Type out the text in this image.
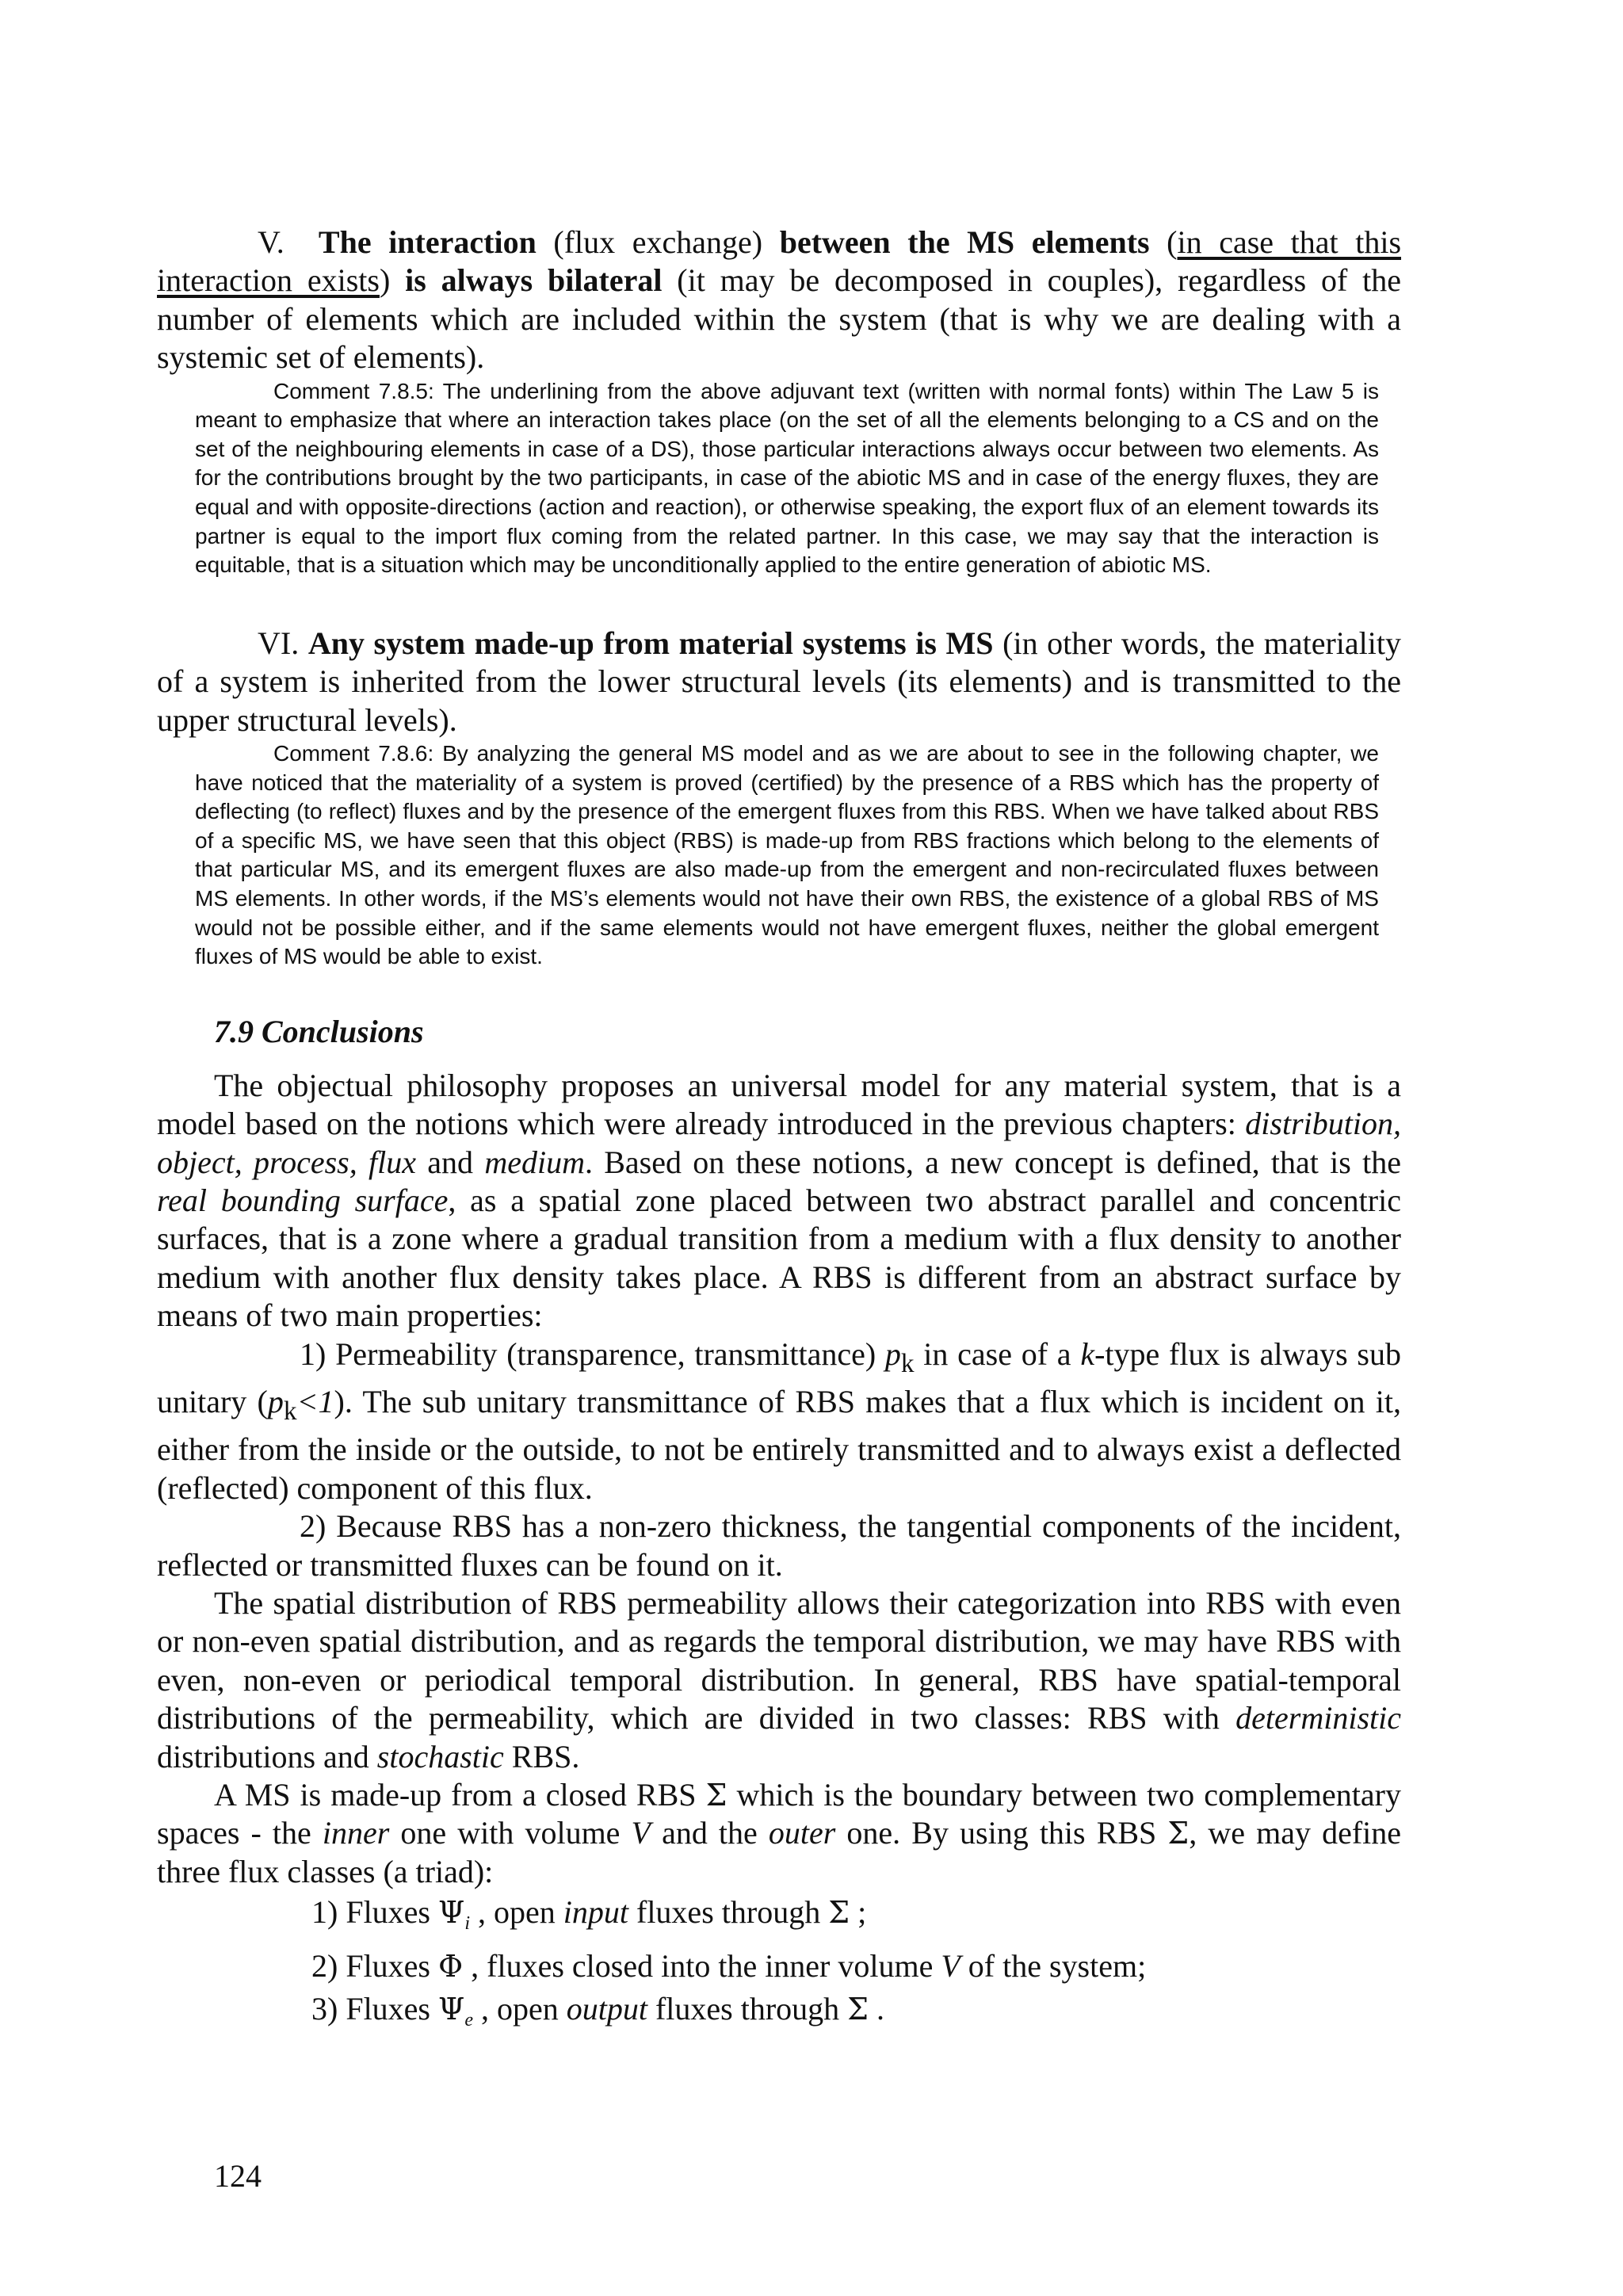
V. The interaction (flux exchange) between the MS elements (in case that this interaction exists) is always bilateral (it may be decomposed in couples), regardless of the number of elements which are included within the system (that is why we are dealing with a systemic set of elements).

Comment 7.8.5: The underlining from the above adjuvant text (written with normal fonts) within The Law 5 is meant to emphasize that where an interaction takes place (on the set of all the elements belonging to a CS and on the set of the neighbouring elements in case of a DS), those particular interactions always occur between two elements. As for the contributions brought by the two participants, in case of the abiotic MS and in case of the energy fluxes, they are equal and with opposite-directions (action and reaction), or otherwise speaking, the export flux of an element towards its partner is equal to the import flux coming from the related partner. In this case, we may say that the interaction is equitable, that is a situation which may be unconditionally applied to the entire generation of abiotic MS.

VI. Any system made-up from material systems is MS (in other words, the materiality of a system is inherited from the lower structural levels (its elements) and is transmitted to the upper structural levels).

Comment 7.8.6: By analyzing the general MS model and as we are about to see in the following chapter, we have noticed that the materiality of a system is proved (certified) by the presence of a RBS which has the property of deflecting (to reflect) fluxes and by the presence of the emergent fluxes from this RBS. When we have talked about RBS of a specific MS, we have seen that this object (RBS) is made-up from RBS fractions which belong to the elements of that particular MS, and its emergent fluxes are also made-up from the emergent and non-recirculated fluxes between MS elements. In other words, if the MS’s elements would not have their own RBS, the existence of a global RBS of MS would not be possible either, and if the same elements would not have emergent fluxes, neither the global emergent fluxes of MS would be able to exist.

7.9 Conclusions

The objectual philosophy proposes an universal model for any material system, that is a model based on the notions which were already introduced in the previous chapters: distribution, object, process, flux and medium. Based on these notions, a new concept is defined, that is the real bounding surface, as a spatial zone placed between two abstract parallel and concentric surfaces, that is a zone where a gradual transition from a medium with a flux density to another medium with another flux density takes place. A RBS is different from an abstract surface by means of two main properties:

1) Permeability (transparence, transmittance) $p_k$ in case of a k-type flux is always sub unitary $(p_k<1)$. The sub unitary transmittance of RBS makes that a flux which is incident on it, either from the inside or the outside, to not be entirely transmitted and to always exist a deflected (reflected) component of this flux.

2) Because RBS has a non-zero thickness, the tangential components of the incident, reflected or transmitted fluxes can be found on it.

The spatial distribution of RBS permeability allows their categorization into RBS with even or non-even spatial distribution, and as regards the temporal distribution, we may have RBS with even, non-even or periodical temporal distribution. In general, RBS have spatial-temporal distributions of the permeability, which are divided in two classes: RBS with deterministic distributions and stochastic RBS.

A MS is made-up from a closed RBS Σ which is the boundary between two complementary spaces - the inner one with volume V and the outer one. By using this RBS Σ, we may define three flux classes (a triad):

1) Fluxes $\Psi_i$ , open input fluxes through Σ ;

2) Fluxes Φ , fluxes closed into the inner volume V of the system;

3) Fluxes $\Psi_e$ , open output fluxes through Σ .

124
